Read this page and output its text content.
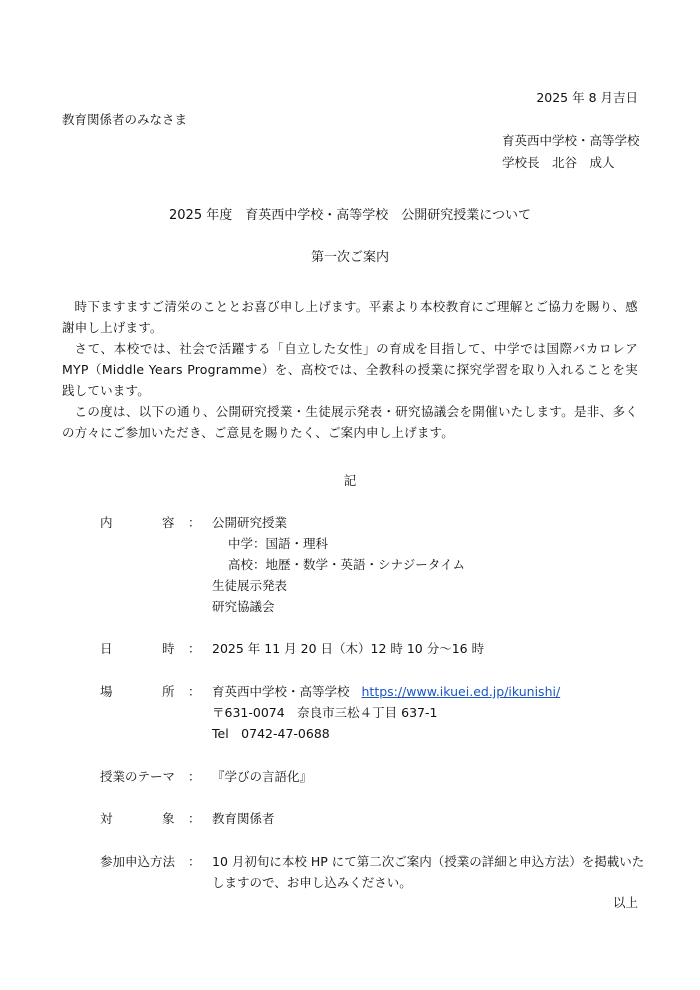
2025 年 8 月吉日
教育関係者のみなさま
育英西中学校・高等学校
学校長　北谷　成人
2025 年度　育英西中学校・高等学校　公開研究授業について
第一次ご案内

時下ますますご清栄のこととお喜び申し上げます。平素より本校教育にご理解とご協力を賜り、感謝申し上げます。

さて、本校では、社会で活躍する「自立した女性」の育成を目指して、中学では国際バカロレア MYP（Middle Years Programme）を、高校では、全教科の授業に探究学習を取り入れることを実践しています。

この度は、以下の通り、公開研究授業・生徒展示発表・研究協議会を開催いたします。是非、多くの方々にご参加いただき、ご意見を賜りたく、ご案内申し上げます。

記
内	容 ： 公開研究授業
中学：国語・理科
高校：地歴・数学・英語・シナジータイム
生徒展示発表
研究協議会
日	時 ： 2025 年 11 月 20 日（木）12 時 10 分～16 時
場	所 ： 育英西中学校・高等学校 https://www.ikuei.ed.jp/ikunishi/
〒631-0074　奈良市三松４丁目 637-1
Tel　0742-47-0688
授業のテーマ ： 『学びの言語化』
対	象 ： 教育関係者
参加申込方法 ： 10 月初旬に本校 HP にて第二次ご案内（授業の詳細と申込方法）を掲載いた
しますので、お申し込みください。
以上
